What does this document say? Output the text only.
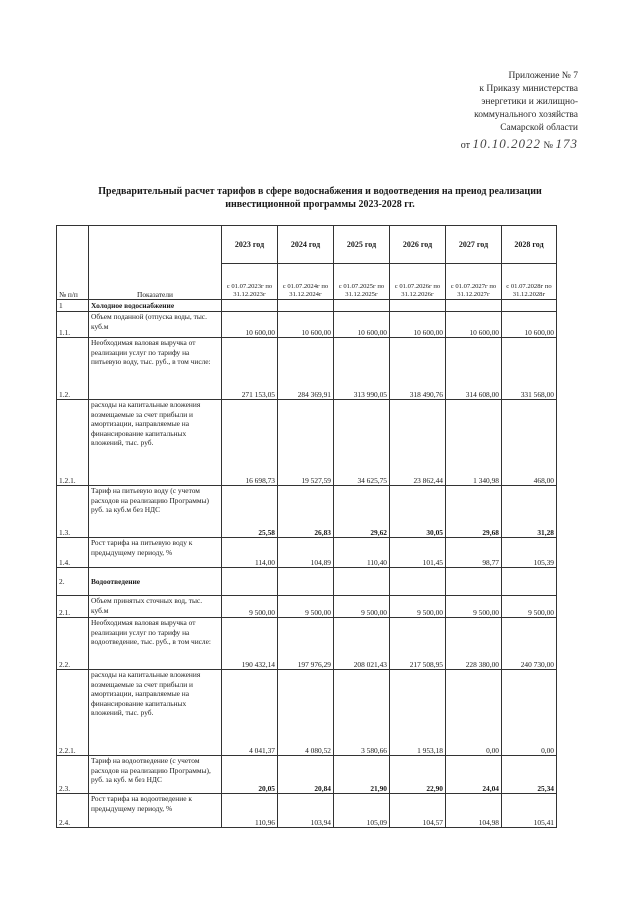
Приложение № 7
к Приказу министерства
энергетики и жилищно-
коммунального хозяйства
Самарской области
от 10.10.2022 № 173
Предварительный расчет тарифов в сфере водоснабжения и водоотведения на преиод реализации инвестиционной программы 2023-2028 гг.
№ п/п	Показатели	2023 год	2024 год	2025 год	2026 год	2027 год	2028 год
		с 01.07.2023г по 31.12.2023г	с 01.07.2024г по 31.12.2024г	с 01.07.2025г по 31.12.2025г	с 01.07.2026г по 31.12.2026г	с 01.07.2027г по 31.12.2027г	с 01.07.2028г по 31.12.2028г
1	Холодное водоснабжение						
1.1.	Объем поданной (отпуска воды, тыс. куб.м	10 600,00	10 600,00	10 600,00	10 600,00	10 600,00	10 600,00
1.2.	Необходимая валовая выручка от реализации услуг по тарифу на питьевую воду, тыс. руб., в том числе:	271 153,05	284 369,91	313 990,05	318 490,76	314 608,00	331 568,00
1.2.1.	расходы на капитальные вложения возмещаемые за счет прибыли и амортизации, направляемые на финансирование капитальных вложений, тыс. руб.	16 698,73	19 527,59	34 625,75	23 862,44	1 340,98	468,00
1.3.	Тариф на питьевую воду (с учетом расходов на реализацию Программы) руб. за куб.м без НДС	25,58	26,83	29,62	30,05	29,68	31,28
1.4.	Рост тарифа на питьевую воду к предыдущему периоду, %	114,00	104,89	110,40	101,45	98,77	105,39
2.	Водоотведение						
2.1.	Объем принятых сточных вод, тыс. куб.м	9 500,00	9 500,00	9 500,00	9 500,00	9 500,00	9 500,00
2.2.	Необходимая валовая выручка от реализации услуг по тарифу на водоотведение, тыс. руб., в том числе:	190 432,14	197 976,29	208 021,43	217 508,95	228 380,00	240 730,00
2.2.1.	расходы на капитальные вложения возмещаемые за счет прибыли и амортизации, направляемые на финансирование капитальных вложений, тыс. руб.	4 041,37	4 080,52	3 580,66	1 953,18	0,00	0,00
2.3.	Тариф на водоотведение (с учетом расходов на реализацию Программы), руб. за куб. м без НДС	20,05	20,84	21,90	22,90	24,04	25,34
2.4.	Рост тарифа на водоотведение к предыдущему периоду, %	110,96	103,94	105,09	104,57	104,98	105,41
